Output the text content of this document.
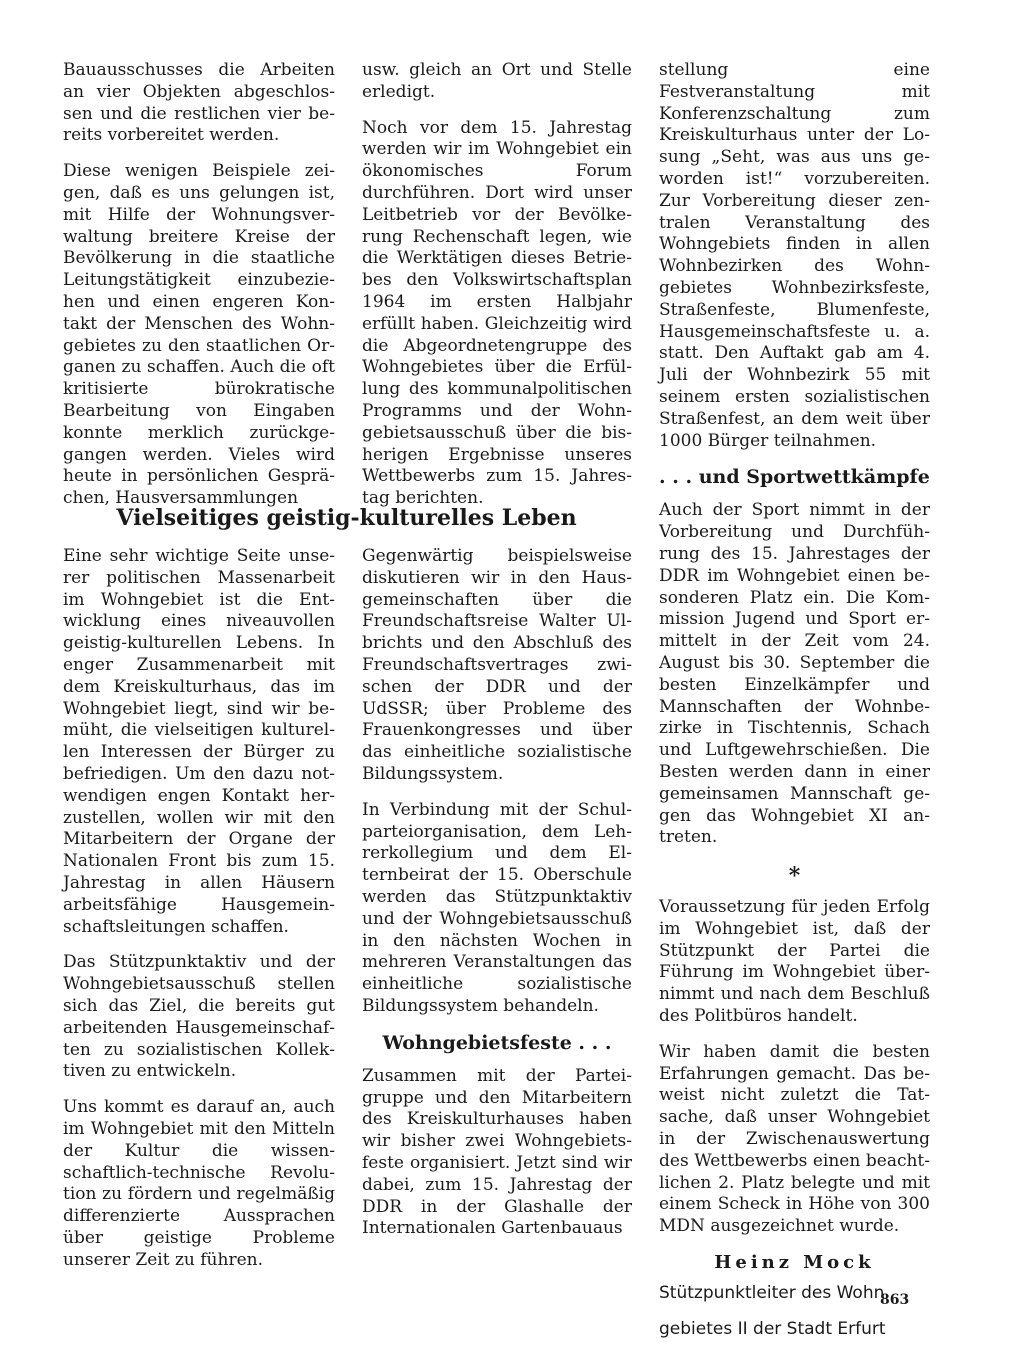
Bauausschusses die Arbeiten an vier Objekten abgeschlossen und die restlichen vier bereits vorbereitet werden.

Diese wenigen Beispiele zeigen, daß es uns gelungen ist, mit Hilfe der Wohnungsverwaltung breitere Kreise der Bevölkerung in die staatliche Leitungstätigkeit einzubeziehen und einen engeren Kontakt der Menschen des Wohngebietes zu den staatlichen Organen zu schaffen. Auch die oft kritisierte bürokratische Bearbeitung von Eingaben konnte merklich zurückgegangen werden. Vieles wird heute in persönlichen Gesprächen, Hausversammlungen

usw. gleich an Ort und Stelle erledigt.

Noch vor dem 15. Jahrestag werden wir im Wohngebiet ein ökonomisches Forum durchführen. Dort wird unser Leitbetrieb vor der Bevölkerung Rechenschaft legen, wie die Werktätigen dieses Betriebes den Volkswirtschaftsplan 1964 im ersten Halbjahr erfüllt haben. Gleichzeitig wird die Abgeordnetengruppe des Wohngebietes über die Erfüllung des kommunalpolitischen Programms und der Wohngebietsausschuß über die bisherigen Ergebnisse unseres Wettbewerbs zum 15. Jahrestag berichten.

Vielseitiges geistig-kulturelles Leben

Eine sehr wichtige Seite unserer politischen Massenarbeit im Wohngebiet ist die Entwicklung eines niveauvollen geistig-kulturellen Lebens. In enger Zusammenarbeit mit dem Kreiskulturhaus, das im Wohngebiet liegt, sind wir bemüht, die vielseitigen kulturellen Interessen der Bürger zu befriedigen. Um den dazu notwendigen engen Kontakt herzustellen, wollen wir mit den Mitarbeitern der Organe der Nationalen Front bis zum 15. Jahrestag in allen Häusern arbeitsfähige Hausgemeinschaftsleitungen schaffen.

Das Stützpunktaktiv und der Wohngebietsausschuß stellen sich das Ziel, die bereits gut arbeitenden Hausgemeinschaften zu sozialistischen Kollektiven zu entwickeln.

Uns kommt es darauf an, auch im Wohngebiet mit den Mitteln der Kultur die wissenschaftlich-technische Revolution zu fördern und regelmäßig differenzierte Aussprachen über geistige Probleme unserer Zeit zu führen.

Gegenwärtig beispielsweise diskutieren wir in den Hausgemeinschaften über die Freundschaftsreise Walter Ulbrichts und den Abschluß des Freundschaftsvertrages zwischen der DDR und der UdSSR; über Probleme des Frauenkongresses und über das einheitliche sozialistische Bildungssystem.

In Verbindung mit der Schulparteiorganisation, dem Lehrerkollegium und dem Elternbeirat der 15. Oberschule werden das Stützpunktaktiv und der Wohngebietsausschuß in den nächsten Wochen in mehreren Veranstaltungen das einheitliche sozialistische Bildungssystem behandeln.

Wohngebietsfeste . . .

Zusammen mit der Parteigruppe und den Mitarbeitern des Kreiskulturhauses haben wir bisher zwei Wohngebietsfeste organisiert. Jetzt sind wir dabei, zum 15. Jahrestag der DDR in der Glashalle der Internationalen Gartenbauaus

stellung eine Festveranstaltung mit Konferenzschaltung zum Kreiskulturhaus unter der Losung „Seht, was aus uns geworden ist!“ vorzubereiten. Zur Vorbereitung dieser zentralen Veranstaltung des Wohngebiets finden in allen Wohnbezirken des Wohngebietes Wohnbezirksfeste, Straßenfeste, Blumenfeste, Hausgemeinschaftsfeste u. a. statt. Den Auftakt gab am 4. Juli der Wohnbezirk 55 mit seinem ersten sozialistischen Straßenfest, an dem weit über 1000 Bürger teilnahmen.

. . . und Sportwettkämpfe

Auch der Sport nimmt in der Vorbereitung und Durchführung des 15. Jahrestages der DDR im Wohngebiet einen besonderen Platz ein. Die Kommission Jugend und Sport ermittelt in der Zeit vom 24. August bis 30. September die besten Einzelkämpfer und Mannschaften der Wohnbezirke in Tischtennis, Schach und Luftgewehrschießen. Die Besten werden dann in einer gemeinsamen Mannschaft gegen das Wohngebiet XI antreten.

*

Voraussetzung für jeden Erfolg im Wohngebiet ist, daß der Stützpunkt der Partei die Führung im Wohngebiet übernimmt und nach dem Beschluß des Politbüros handelt.

Wir haben damit die besten Erfahrungen gemacht. Das beweist nicht zuletzt die Tatsache, daß unser Wohngebiet in der Zwischenauswertung des Wettbewerbs einen beachtlichen 2. Platz belegte und mit einem Scheck in Höhe von 300 MDN ausgezeichnet wurde.

Heinz Mock

Stützpunktleiter des Wohn

gebietes II der Stadt Erfurt

863
